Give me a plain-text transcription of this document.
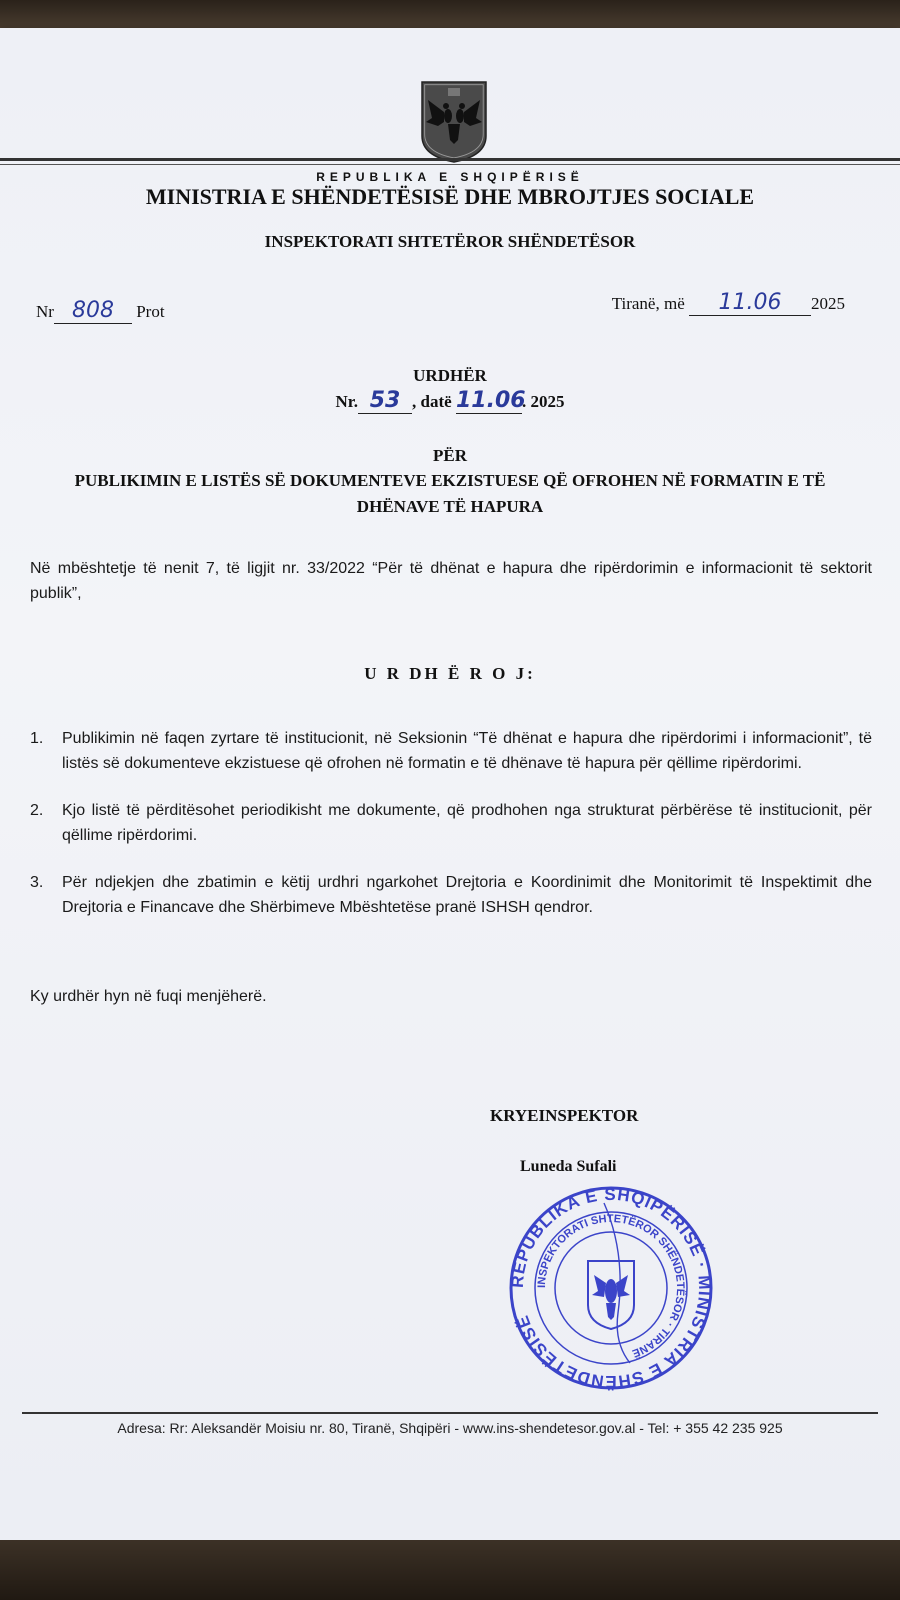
REPUBLIKA E SHQIPËRISË
MINISTRIA E SHËNDETËSISË DHE MBROJTJES SOCIALE
INSPEKTORATI SHTETËROR SHËNDETËSOR
Nr 808 Prot	Tiranë, më 11.06 2025
URDHËR
Nr. 53 , datë 11.06. 2025
PËR
PUBLIKIMIN E LISTËS SË DOKUMENTEVE EKZISTUESE QË OFROHEN NË FORMATIN E TË DHËNAVE TË HAPURA
Në mbështetje të nenit 7, të ligjit nr. 33/2022 “Për të dhënat e hapura dhe ripërdorimin e informacionit të sektorit publik”,
U R DH Ë R O J:
1. Publikimin në faqen zyrtare të institucionit, në Seksionin “Të dhënat e hapura dhe ripërdorimi i informacionit”, të listës së dokumenteve ekzistuese që ofrohen në formatin e të dhënave të hapura për qëllime ripërdorimi.
2. Kjo listë të përditësohet periodikisht me dokumente, që prodhohen nga strukturat përbërëse të institucionit, për qëllime ripërdorimi.
3. Për ndjekjen dhe zbatimin e këtij urdhri ngarkohet Drejtoria e Koordinimit dhe Monitorimit të Inspektimit dhe Drejtoria e Financave dhe Shërbimeve Mbështetëse pranë ISHSH qendror.
Ky urdhër hyn në fuqi menjëherë.
KRYEINSPEKTOR
Luneda Sufali
REPUBLIKA E SHQIPËRISË · MINISTRIA E SHËNDETËSISË
INSPEKTORATI SHTETËROR SHËNDETËSOR · TIRANË
Adresa: Rr: Aleksandër Moisiu nr. 80, Tiranë, Shqipëri - www.ins-shendetesor.gov.al - Tel: + 355 42 235 925
